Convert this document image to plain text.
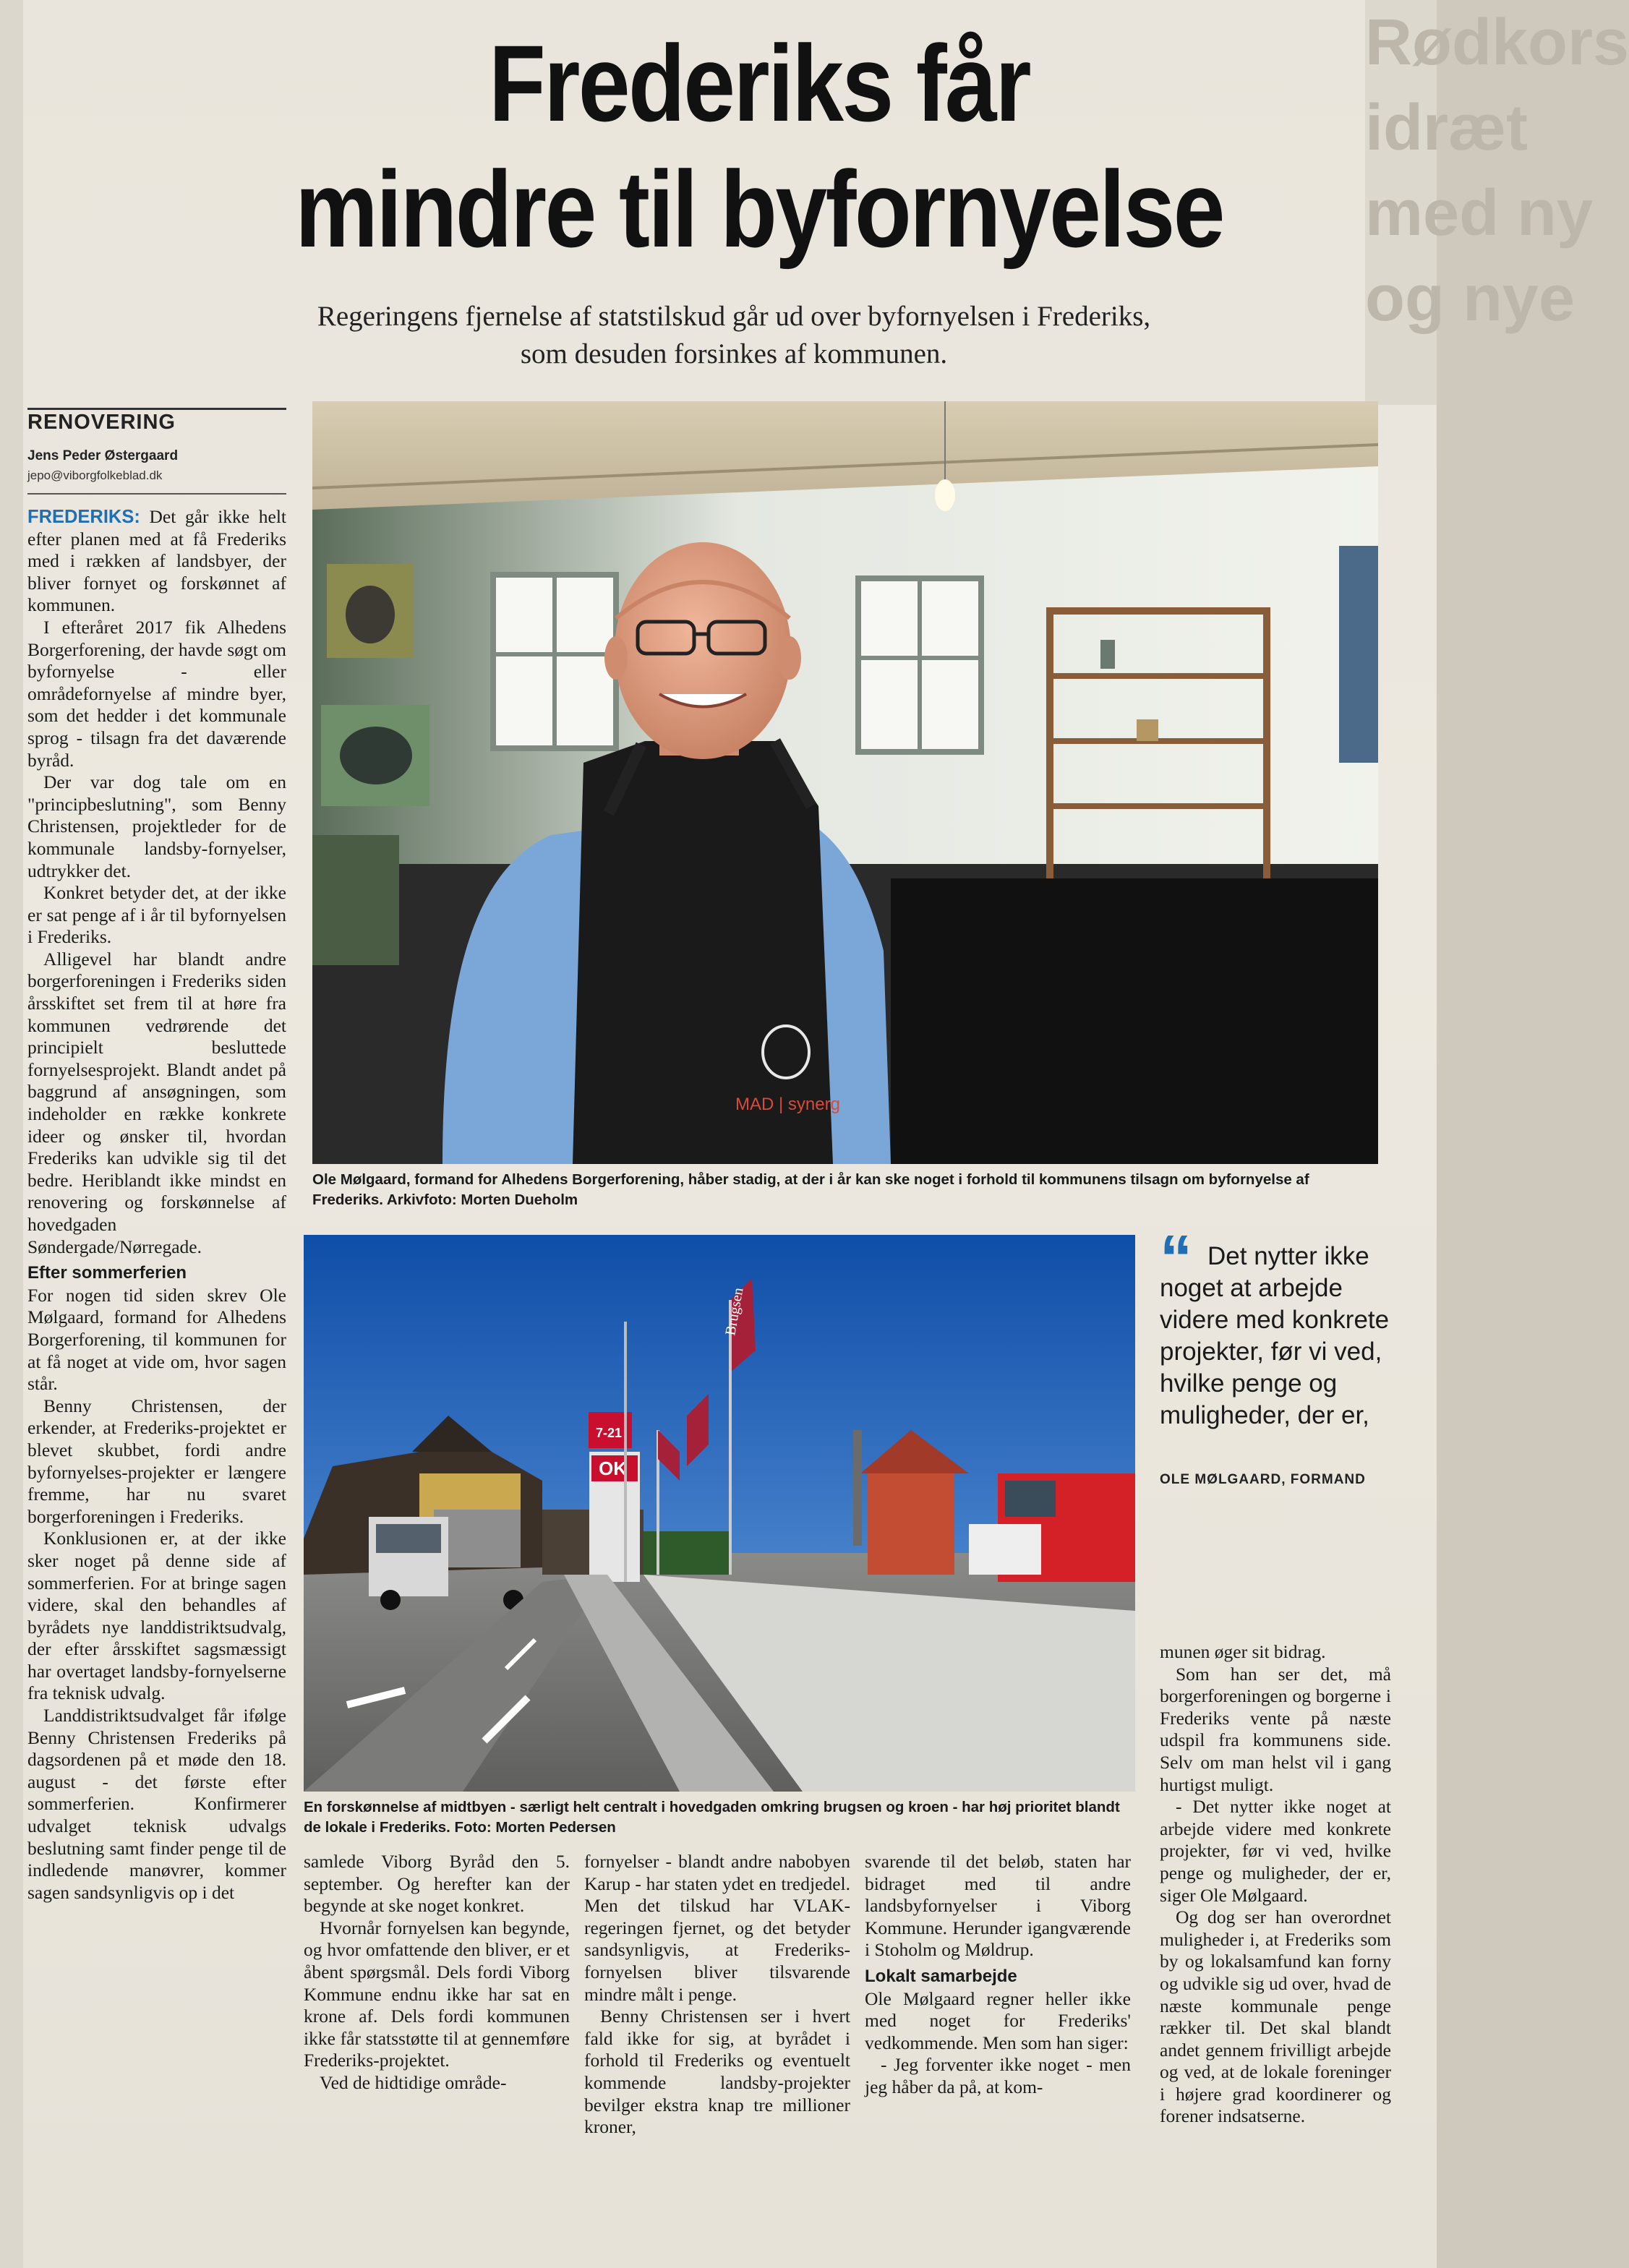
Rødkors
idræt
med ny
og nye
Frederiks får
mindre til byfornyelse
Regeringens fjernelse af statstilskud går ud over byfornyelsen i Frederiks, som desuden forsinkes af kommunen.
RENOVERING
Jens Peder Østergaard
jepo@viborgfolkeblad.dk

FREDERIKS: Det går ikke helt efter planen med at få Frederiks med i rækken af landsbyer, der bliver fornyet og forskønnet af kommunen.

I efteråret 2017 fik Alhedens Borgerforening, der havde søgt om byfornyelse - eller områdefornyelse af mindre byer, som det hedder i det kommunale sprog - tilsagn fra det daværende byråd.

Der var dog tale om en "principbeslutning", som Benny Christensen, projektleder for de kommunale landsby-fornyelser, udtrykker det.

Konkret betyder det, at der ikke er sat penge af i år til byfornyelsen i Frederiks.

Alligevel har blandt andre borgerforeningen i Frederiks siden årsskiftet set frem til at høre fra kommunen vedrørende det principielt besluttede fornyelsesprojekt. Blandt andet på baggrund af ansøgningen, som indeholder en række konkrete ideer og ønsker til, hvordan Frederiks kan udvikle sig til det bedre. Heriblandt ikke mindst en renovering og forskønnelse af hovedgaden Søndergade/Nørregade.

Efter sommerferien

For nogen tid siden skrev Ole Mølgaard, formand for Alhedens Borgerforening, til kommunen for at få noget at vide om, hvor sagen står.

Benny Christensen, der erkender, at Frederiks-projektet er blevet skubbet, fordi andre byfornyelses-projekter er længere fremme, har nu svaret borgerforeningen i Frederiks.

Konklusionen er, at der ikke sker noget på denne side af sommerferien. For at bringe sagen videre, skal den behandles af byrådets nye landdistriktsudvalg, der efter årsskiftet sagsmæssigt har overtaget landsby-fornyelserne fra teknisk udvalg.

Landdistriktsudvalget får ifølge Benny Christensen Frederiks på dagsordenen på et møde den 18. august - det første efter sommerferien. Konfirmerer udvalget teknisk udvalgs beslutning samt finder penge til de indledende manøvrer, kommer sagen sandsynligvis op i det

MAD | synerg
Ole Mølgaard, formand for Alhedens Borgerforening, håber stadig, at der i år kan ske noget i forhold til kommunens tilsagn om byfornyelse af Frederiks. Arkivfoto: Morten Dueholm
OK
7-21
Brugsen
En forskønnelse af midtbyen - særligt helt centralt i hovedgaden omkring brugsen og kroen - har høj prioritet blandt de lokale i Frederiks. Foto: Morten Pedersen
“ Det nytter ikke noget at arbejde videre med konkrete projekter, før vi ved, hvilke penge og muligheder, der er,
OLE MØLGAARD, FORMAND

samlede Viborg Byråd den 5. september. Og herefter kan der begynde at ske noget konkret.

Hvornår fornyelsen kan begynde, og hvor omfattende den bliver, er et åbent spørgsmål. Dels fordi Viborg Kommune endnu ikke har sat en krone af. Dels fordi kommunen ikke får statsstøtte til at gennemføre Frederiks-projektet.

Ved de hidtidige område-

fornyelser - blandt andre nabobyen Karup - har staten ydet en tredjedel. Men det tilskud har VLAK-regeringen fjernet, og det betyder sandsynligvis, at Frederiks-fornyelsen bliver tilsvarende mindre målt i penge.

Benny Christensen ser i hvert fald ikke for sig, at byrådet i forhold til Frederiks og eventuelt kommende landsby-projekter bevilger ekstra knap tre millioner kroner,

svarende til det beløb, staten har bidraget med til andre landsbyfornyelser i Viborg Kommune. Herunder igangværende i Stoholm og Møldrup.

Lokalt samarbejde

Ole Mølgaard regner heller ikke med noget for Frederiks' vedkommende. Men som han siger:

- Jeg forventer ikke noget - men jeg håber da på, at kom-

munen øger sit bidrag.

Som han ser det, må borgerforeningen og borgerne i Frederiks vente på næste udspil fra kommunens side. Selv om man helst vil i gang hurtigst muligt.

- Det nytter ikke noget at arbejde videre med konkrete projekter, før vi ved, hvilke penge og muligheder, der er, siger Ole Mølgaard.

Og dog ser han overordnet muligheder i, at Frederiks som by og lokalsamfund kan forny og udvikle sig ud over, hvad de næste kommunale penge rækker til. Det skal blandt andet gennem frivilligt arbejde og ved, at de lokale foreninger i højere grad koordinerer og forener indsatserne.
